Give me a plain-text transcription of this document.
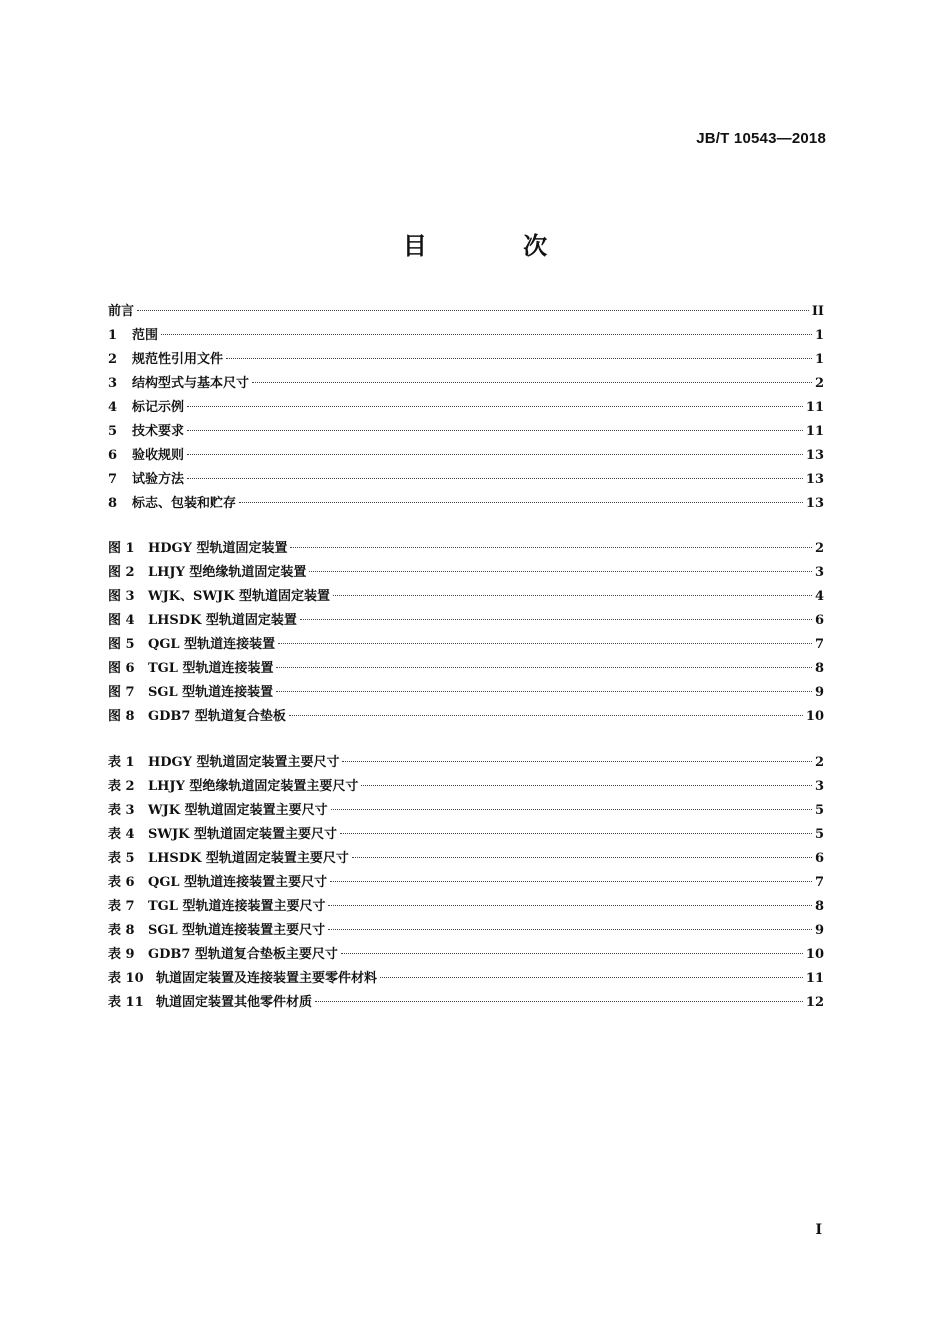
JB/T 10543—2018
目 次
前言	II
1	范围	1
2	规范性引用文件	1
3	结构型式与基本尺寸	2
4	标记示例	11
5	技术要求	11
6	验收规则	13
7	试验方法	13
8	标志、包装和贮存	13
图 1	HDGY 型轨道固定装置	2
图 2	LHJY 型绝缘轨道固定装置	3
图 3	WJK、SWJK 型轨道固定装置	4
图 4	LHSDK 型轨道固定装置	6
图 5	QGL 型轨道连接装置	7
图 6	TGL 型轨道连接装置	8
图 7	SGL 型轨道连接装置	9
图 8	GDB7 型轨道复合垫板	10
表 1	HDGY 型轨道固定装置主要尺寸	2
表 2	LHJY 型绝缘轨道固定装置主要尺寸	3
表 3	WJK 型轨道固定装置主要尺寸	5
表 4	SWJK 型轨道固定装置主要尺寸	5
表 5	LHSDK 型轨道固定装置主要尺寸	6
表 6	QGL 型轨道连接装置主要尺寸	7
表 7	TGL 型轨道连接装置主要尺寸	8
表 8	SGL 型轨道连接装置主要尺寸	9
表 9	GDB7 型轨道复合垫板主要尺寸	10
表 10 轨道固定装置及连接装置主要零件材料	11
表 11 轨道固定装置其他零件材质	12
I
